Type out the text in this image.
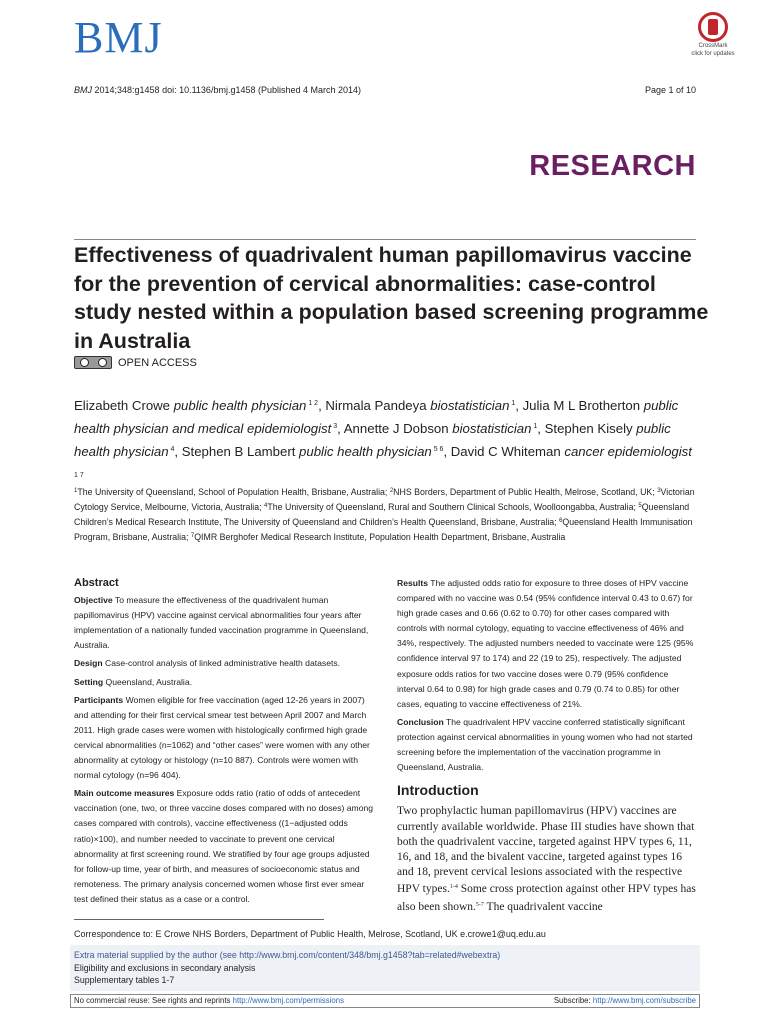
BMJ	CrossMark
click for updates
BMJ 2014;348:g1458 doi: 10.1136/bmj.g1458 (Published 4 March 2014)	Page 1 of 10
RESEARCH
Effectiveness of quadrivalent human papillomavirus vaccine for the prevention of cervical abnormalities: case-control study nested within a population based screening programme in Australia
OPEN ACCESS
Elizabeth Crowe public health physician $^{1 2}$, Nirmala Pandeya biostatistician $^1$, Julia M L Brotherton public health physician and medical epidemiologist $^3$, Annette J Dobson biostatistician $^1$, Stephen Kisely public health physician $^4$, Stephen B Lambert public health physician $^{5 6}$, David C Whiteman cancer epidemiologist $^{1 7}$
$^1$The University of Queensland, School of Population Health, Brisbane, Australia; $^2$NHS Borders, Department of Public Health, Melrose, Scotland, UK; $^3$Victorian Cytology Service, Melbourne, Victoria, Australia; $^4$The University of Queensland, Rural and Southern Clinical Schools, Woolloongabba, Australia; $^5$Queensland Children’s Medical Research Institute, The University of Queensland and Children’s Health Queensland, Brisbane, Australia; $^6$Queensland Health Immunisation Program, Brisbane, Australia; $^7$QIMR Berghofer Medical Research Institute, Population Health Department, Brisbane, Australia
Abstract

Objective To measure the effectiveness of the quadrivalent human papillomavirus (HPV) vaccine against cervical abnormalities four years after implementation of a nationally funded vaccination programme in Queensland, Australia.

Design Case-control analysis of linked administrative health datasets.

Setting Queensland, Australia.

Participants Women eligible for free vaccination (aged 12-26 years in 2007) and attending for their first cervical smear test between April 2007 and March 2011. High grade cases were women with histologically confirmed high grade cervical abnormalities (n=1062) and “other cases” were women with any other abnormality at cytology or histology (n=10 887). Controls were women with normal cytology (n=96 404).

Main outcome measures Exposure odds ratio (ratio of odds of antecedent vaccination (one, two, or three vaccine doses compared with no doses) among cases compared with controls), vaccine effectiveness ((1−adjusted odds ratio)×100), and number needed to vaccinate to prevent one cervical abnormality at first screening round. We stratified by four age groups adjusted for follow-up time, year of birth, and measures of socioeconomic status and remoteness. The primary analysis concerned women whose first ever smear test defined their status as a case or a control.

Results The adjusted odds ratio for exposure to three doses of HPV vaccine compared with no vaccine was 0.54 (95% confidence interval 0.43 to 0.67) for high grade cases and 0.66 (0.62 to 0.70) for other cases compared with controls with normal cytology, equating to vaccine effectiveness of 46% and 34%, respectively. The adjusted numbers needed to vaccinate were 125 (95% confidence interval 97 to 174) and 22 (19 to 25), respectively. The adjusted exposure odds ratios for two vaccine doses were 0.79 (95% confidence interval 0.64 to 0.98) for high grade cases and 0.79 (0.74 to 0.85) for other cases, equating to vaccine effectiveness of 21%.

Conclusion The quadrivalent HPV vaccine conferred statistically significant protection against cervical abnormalities in young women who had not started screening before the implementation of the vaccination programme in Queensland, Australia.

Introduction

Two prophylactic human papillomavirus (HPV) vaccines are currently available worldwide. Phase III studies have shown that both the quadrivalent vaccine, targeted against HPV types 6, 11, 16, and 18, and the bivalent vaccine, targeted against types 16 and 18, prevent cervical lesions associated with the respective HPV types.$^{1-4}$ Some cross protection against other HPV types has also been shown.$^{5-7}$ The quadrivalent vaccine

Correspondence to: E Crowe NHS Borders, Department of Public Health, Melrose, Scotland, UK e.crowe1@uq.edu.au
Extra material supplied by the author (see http://www.bmj.com/content/348/bmj.g1458?tab=related#webextra)
Eligibility and exclusions in secondary analysis
Supplementary tables 1-7
No commercial reuse: See rights and reprints http://www.bmj.com/permissions	Subscribe: http://www.bmj.com/subscribe
